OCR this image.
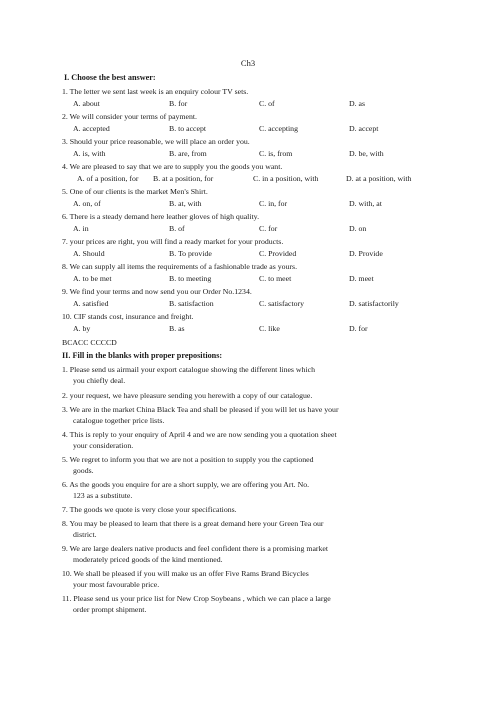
Ch3
I. Choose the best answer:
1. The letter we sent last week is an enquiry colour TV sets.
A. about	B. for	C. of	D. as
2. We will consider your terms of payment.
A. accepted	B. to accept	C. accepting	D. accept
3. Should your price reasonable, we will place an order you.
A. is, with	B. are, from	C. is, from	D. be, with
4. We are pleased to say that we are to supply you the goods you want.
A. of a position, for B. at a position, for	C. in a position, with	D. at a position, with
5. One of our clients is the market Men's Shirt.
A. on, of	B. at, with	C. in, for	D. with, at
6. There is a steady demand here leather gloves of high quality.
A. in	B. of	C. for	D. on
7. your prices are right, you will find a ready market for your products.
A. Should	B. To provide	C. Provided	D. Provide
8. We can supply all items the requirements of a fashionable trade as yours.
A. to be met	B. to meeting	C. to meet	D. meet
9. We find your terms and now send you our Order No.1234.
A. satisfied	B. satisfaction	C. satisfactory	D. satisfactorily
10. CIF stands cost, insurance and freight.
A. by	B. as	C. like	D. for
BCACC CCCCD
II. Fill in the blanks with proper prepositions:
1. Please send us airmail your export catalogue showing the different lines which
you chiefly deal.
2. your request, we have pleasure sending you herewith a copy of our catalogue.
3. We are in the market China Black Tea and shall be pleased if you will let us have your
catalogue together price lists.
4. This is reply to your enquiry of April 4 and we are now sending you a quotation sheet
your consideration.
5. We regret to inform you that we are not a position to supply you the captioned
goods.
6. As the goods you enquire for are a short supply, we are offering you Art. No.
123 as a substitute.
7. The goods we quote is very close your specifications.
8. You may be pleased to learn that there is a great demand here your Green Tea our
district.
9. We are large dealers native products and feel confident there is a promising market
moderately priced goods of the kind mentioned.
10. We shall be pleased if you will make us an offer Five Rams Brand Bicycles
your most favourable price.
11. Please send us your price list for New Crop Soybeans , which we can place a large
order prompt shipment.
